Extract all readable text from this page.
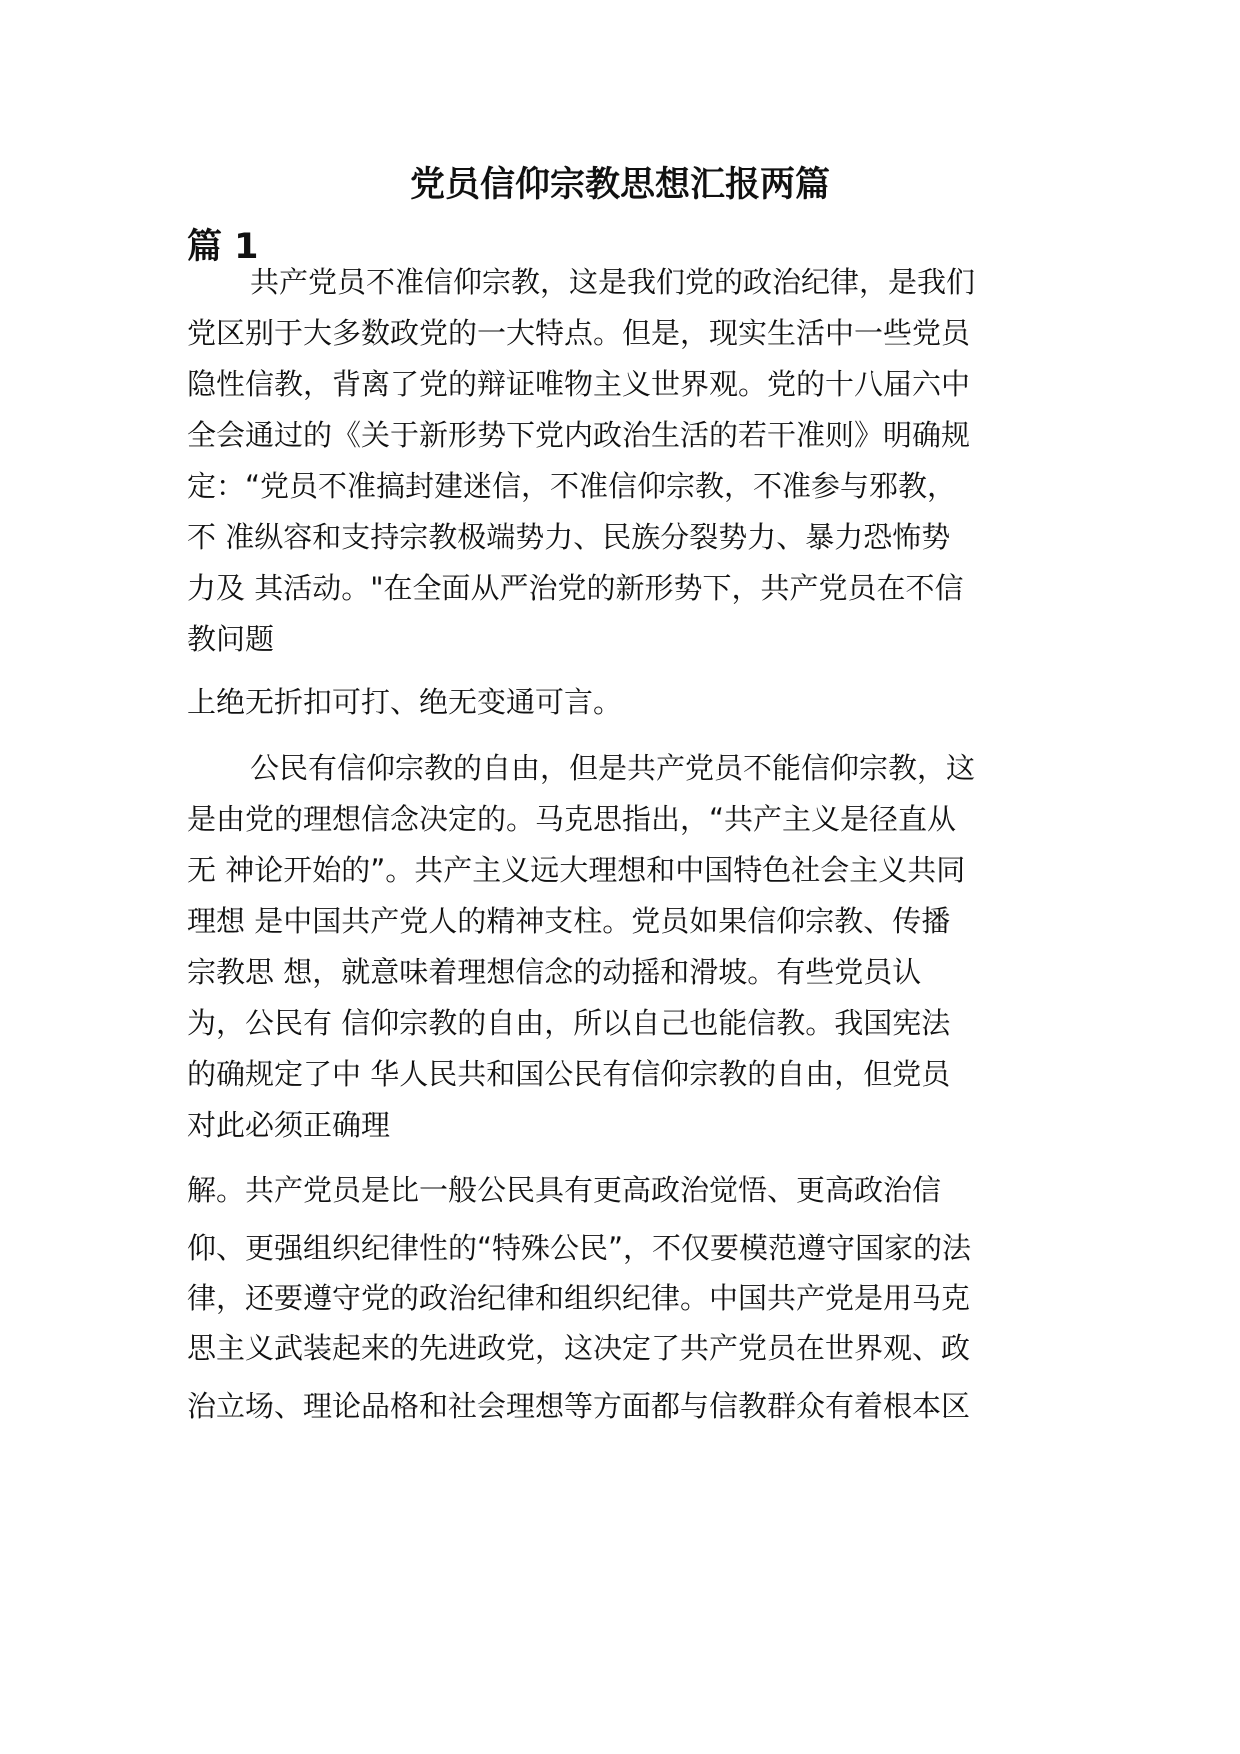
党员信仰宗教思想汇报两篇
篇 1

共产党员不准信仰宗教，这是我们党的政治纪律，是我们

党区别于大多数政党的一大特点。但是，现实生活中一些党员

隐性信教，背离了党的辩证唯物主义世界观。党的十八届六中

全会通过的《关于新形势下党内政治生活的若干准则》明确规

定：“党员不准搞封建迷信，不准信仰宗教，不准参与邪教，

不 准纵容和支持宗教极端势力、民族分裂势力、暴力恐怖势

力及 其活动。"在全面从严治党的新形势下，共产党员在不信

教问题

上绝无折扣可打、绝无变通可言。

公民有信仰宗教的自由，但是共产党员不能信仰宗教，这

是由党的理想信念决定的。马克思指出，“共产主义是径直从

无 神论开始的”。共产主义远大理想和中国特色社会主义共同

理想 是中国共产党人的精神支柱。党员如果信仰宗教、传播

宗教思 想，就意味着理想信念的动摇和滑坡。有些党员认

为，公民有 信仰宗教的自由，所以自己也能信教。我国宪法

的确规定了中 华人民共和国公民有信仰宗教的自由，但党员

对此必须正确理

解。共产党员是比一般公民具有更高政治觉悟、更高政治信

仰、更强组织纪律性的“特殊公民”，不仅要模范遵守国家的法

律，还要遵守党的政治纪律和组织纪律。中国共产党是用马克

思主义武装起来的先进政党，这决定了共产党员在世界观、政

治立场、理论品格和社会理想等方面都与信教群众有着根本区
